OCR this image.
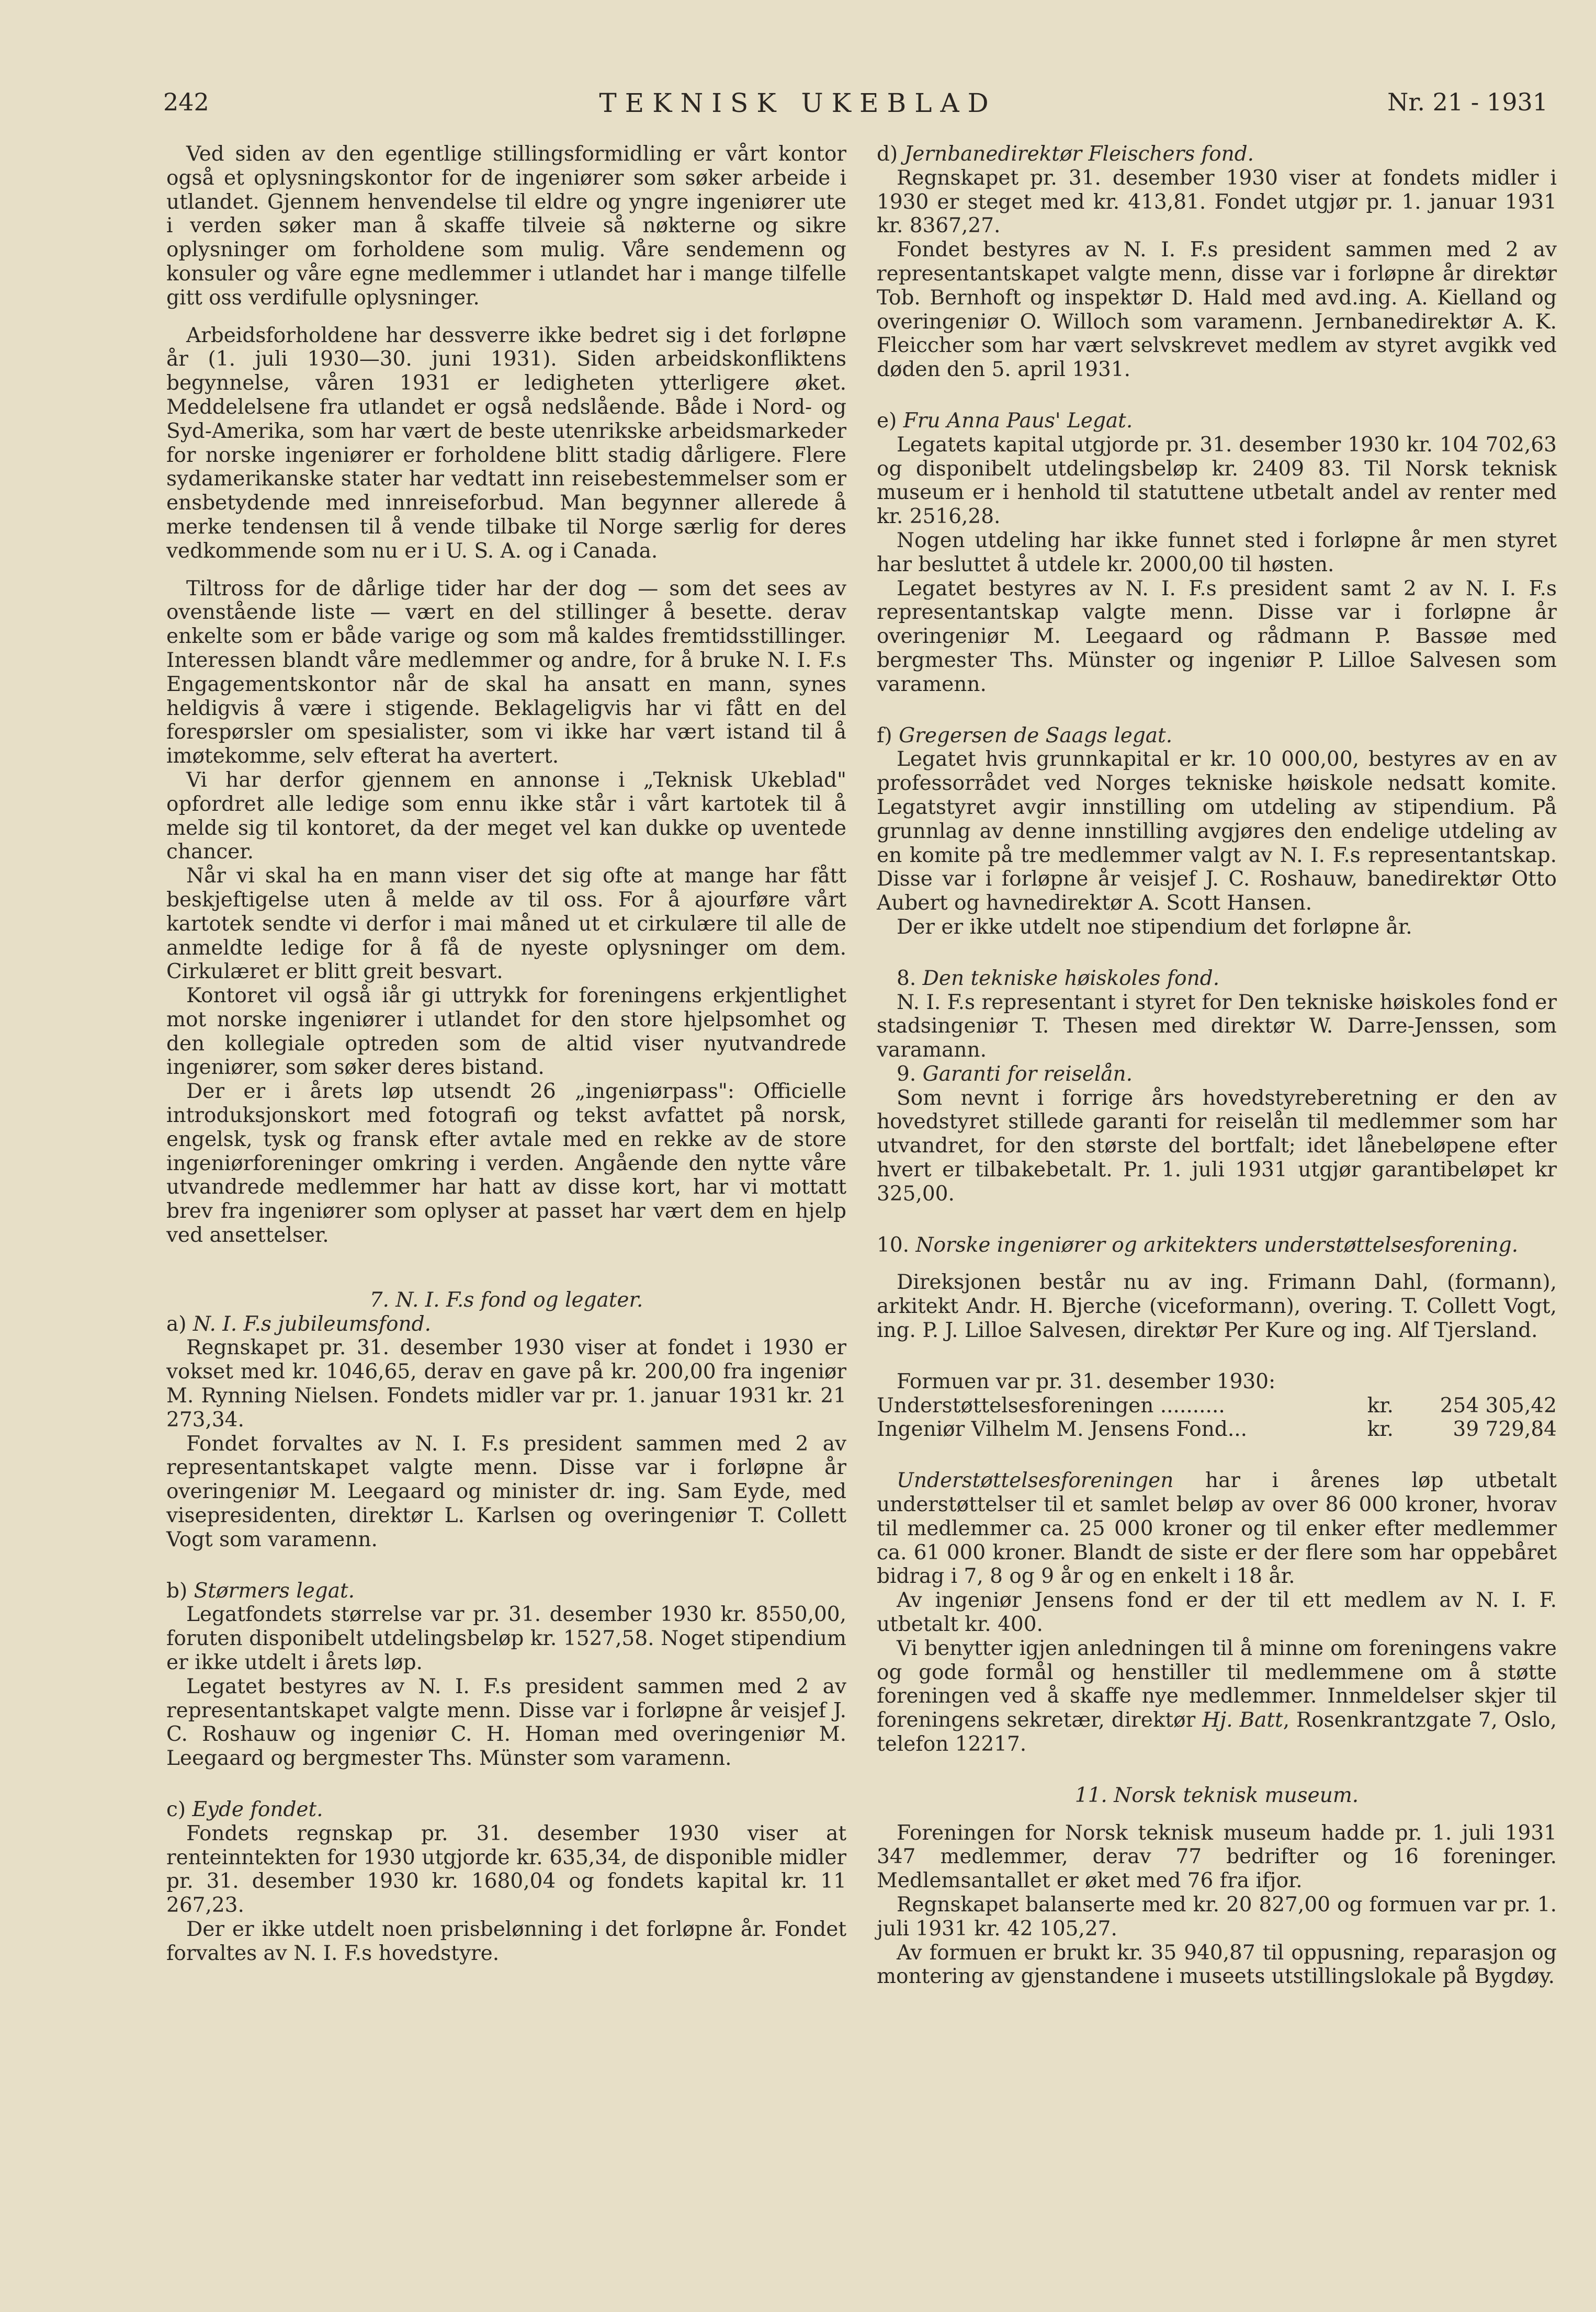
TEKNISK UKEBLAD
242	Nr. 21 - 1931

Ved siden av den egentlige stillingsformidling er vårt kontor også et oplysningskontor for de ingeniører som søker arbeide i utlandet. Gjennem henvendelse til eldre og yngre ingeniører ute i verden søker man å skaffe tilveie så nøkterne og sikre oplysninger om forholdene som mulig. Våre sendemenn og konsuler og våre egne medlemmer i utlandet har i mange tilfelle gitt oss verdifulle oplysninger.

Arbeidsforholdene har dessverre ikke bedret sig i det forløpne år (1. juli 1930—30. juni 1931). Siden arbeidskonfliktens begynnelse, våren 1931 er ledigheten ytterligere øket. Meddelelsene fra utlandet er også nedslående. Både i Nord- og Syd-Amerika, som har vært de beste utenrikske arbeidsmarkeder for norske ingeniører er forholdene blitt stadig dårligere. Flere sydamerikanske stater har vedtatt inn reisebestemmelser som er ensbetydende med innreiseforbud. Man begynner allerede å merke tendensen til å vende tilbake til Norge særlig for deres vedkommende som nu er i U. S. A. og i Canada.

Tiltross for de dårlige tider har der dog — som det sees av ovenstående liste — vært en del stillinger å besette. derav enkelte som er både varige og som må kaldes fremtidsstillinger. Interessen blandt våre medlemmer og andre, for å bruke N. I. F.s Engagementskontor når de skal ha ansatt en mann, synes heldigvis å være i stigende. Beklageligvis har vi fått en del forespørsler om spesialister, som vi ikke har vært istand til å imøtekomme, selv efterat ha avertert.

Vi har derfor gjennem en annonse i „Teknisk Ukeblad" opfordret alle ledige som ennu ikke står i vårt kartotek til å melde sig til kontoret, da der meget vel kan dukke op uventede chancer.

Når vi skal ha en mann viser det sig ofte at mange har fått beskjeftigelse uten å melde av til oss. For å ajourføre vårt kartotek sendte vi derfor i mai måned ut et cirkulære til alle de anmeldte ledige for å få de nyeste oplysninger om dem. Cirkulæret er blitt greit besvart.

Kontoret vil også iår gi uttrykk for foreningens erkjentlighet mot norske ingeniører i utlandet for den store hjelpsomhet og den kollegiale optreden som de altid viser nyutvandrede ingeniører, som søker deres bistand.

Der er i årets løp utsendt 26 „ingeniørpass": Officielle introduksjonskort med fotografi og tekst avfattet på norsk, engelsk, tysk og fransk efter avtale med en rekke av de store ingeniørforeninger omkring i verden. Angående den nytte våre utvandrede medlemmer har hatt av disse kort, har vi mottatt brev fra ingeniører som oplyser at passet har vært dem en hjelp ved ansettelser.

7. N. I. F.s fond og legater.

a) N. I. F.s jubileumsfond.

Regnskapet pr. 31. desember 1930 viser at fondet i 1930 er vokset med kr. 1046,65, derav en gave på kr. 200,00 fra ingeniør M. Rynning Nielsen. Fondets midler var pr. 1. januar 1931 kr. 21 273,34.

Fondet forvaltes av N. I. F.s president sammen med 2 av representantskapet valgte menn. Disse var i forløpne år overingeniør M. Leegaard og minister dr. ing. Sam Eyde, med visepresidenten, direktør L. Karlsen og overingeniør T. Collett Vogt som varamenn.

b) Størmers legat.

Legatfondets størrelse var pr. 31. desember 1930 kr. 8550,00, foruten disponibelt utdelingsbeløp kr. 1527,58. Noget stipendium er ikke utdelt i årets løp.

Legatet bestyres av N. I. F.s president sammen med 2 av representantskapet valgte menn. Disse var i forløpne år veisjef J. C. Roshauw og ingeniør C. H. Homan med overingeniør M. Leegaard og bergmester Ths. Münster som varamenn.

c) Eyde fondet.

Fondets regnskap pr. 31. desember 1930 viser at renteinntekten for 1930 utgjorde kr. 635,34, de disponible midler pr. 31. desember 1930 kr. 1680,04 og fondets kapital kr. 11 267,23.

Der er ikke utdelt noen prisbelønning i det forløpne år. Fondet forvaltes av N. I. F.s hovedstyre.

d) Jernbanedirektør Fleischers fond.

Regnskapet pr. 31. desember 1930 viser at fondets midler i 1930 er steget med kr. 413,81. Fondet utgjør pr. 1. januar 1931 kr. 8367,27.

Fondet bestyres av N. I. F.s president sammen med 2 av representantskapet valgte menn, disse var i forløpne år direktør Tob. Bernhoft og inspektør D. Hald med avd.ing. A. Kielland og overingeniør O. Willoch som varamenn. Jernbanedirektør A. K. Fleiccher som har vært selvskrevet medlem av styret avgikk ved døden den 5. april 1931.

e) Fru Anna Paus' Legat.

Legatets kapital utgjorde pr. 31. desember 1930 kr. 104 702,63 og disponibelt utdelingsbeløp kr. 2409 83. Til Norsk teknisk museum er i henhold til statuttene utbetalt andel av renter med kr. 2516,28.

Nogen utdeling har ikke funnet sted i forløpne år men styret har besluttet å utdele kr. 2000,00 til høsten.

Legatet bestyres av N. I. F.s president samt 2 av N. I. F.s representantskap valgte menn. Disse var i forløpne år overingeniør M. Leegaard og rådmann P. Bassøe med bergmester Ths. Münster og ingeniør P. Lilloe Salvesen som varamenn.

f) Gregersen de Saags legat.

Legatet hvis grunnkapital er kr. 10 000,00, bestyres av en av professorrådet ved Norges tekniske høiskole nedsatt komite. Legatstyret avgir innstilling om utdeling av stipendium. På grunnlag av denne innstilling avgjøres den endelige utdeling av en komite på tre medlemmer valgt av N. I. F.s representantskap. Disse var i forløpne år veisjef J. C. Roshauw, banedirektør Otto Aubert og havnedirektør A. Scott Hansen.

Der er ikke utdelt noe stipendium det forløpne år.

8. Den tekniske høiskoles fond.

N. I. F.s representant i styret for Den tekniske høiskoles fond er stadsingeniør T. Thesen med direktør W. Darre-Jenssen, som varamann.

9. Garanti for reiselån.

Som nevnt i forrige års hovedstyreberetning er den av hovedstyret stillede garanti for reiselån til medlemmer som har utvandret, for den største del bortfalt; idet lånebeløpene efter hvert er tilbakebetalt. Pr. 1. juli 1931 utgjør garantibeløpet kr 325,00.

10. Norske ingeniører og arkitekters understøttelsesforening.

Direksjonen består nu av ing. Frimann Dahl, (formann), arkitekt Andr. H. Bjerche (viceformann), overing. T. Collett Vogt, ing. P. J. Lilloe Salvesen, direktør Per Kure og ing. Alf Tjersland.

Formuen var pr. 31. desember 1930:

Understøttelsesforeningen ..........	kr.	254 305,42
Ingeniør Vilhelm M. Jensens Fond...	kr.	39 729,84

Understøttelsesforeningen har i årenes løp utbetalt understøttelser til et samlet beløp av over 86 000 kroner, hvorav til medlemmer ca. 25 000 kroner og til enker efter medlemmer ca. 61 000 kroner. Blandt de siste er der flere som har oppebåret bidrag i 7, 8 og 9 år og en enkelt i 18 år.

Av ingeniør Jensens fond er der til ett medlem av N. I. F. utbetalt kr. 400.

Vi benytter igjen anledningen til å minne om foreningens vakre og gode formål og henstiller til medlemmene om å støtte foreningen ved å skaffe nye medlemmer. Innmeldelser skjer til foreningens sekretær, direktør Hj. Batt, Rosenkrantzgate 7, Oslo, telefon 12217.

11. Norsk teknisk museum.

Foreningen for Norsk teknisk museum hadde pr. 1. juli 1931 347 medlemmer, derav 77 bedrifter og 16 foreninger. Medlemsantallet er øket med 76 fra ifjor.

Regnskapet balanserte med kr. 20 827,00 og formuen var pr. 1. juli 1931 kr. 42 105,27.

Av formuen er brukt kr. 35 940,87 til oppusning, reparasjon og montering av gjenstandene i museets utstillingslokale på Bygdøy.
